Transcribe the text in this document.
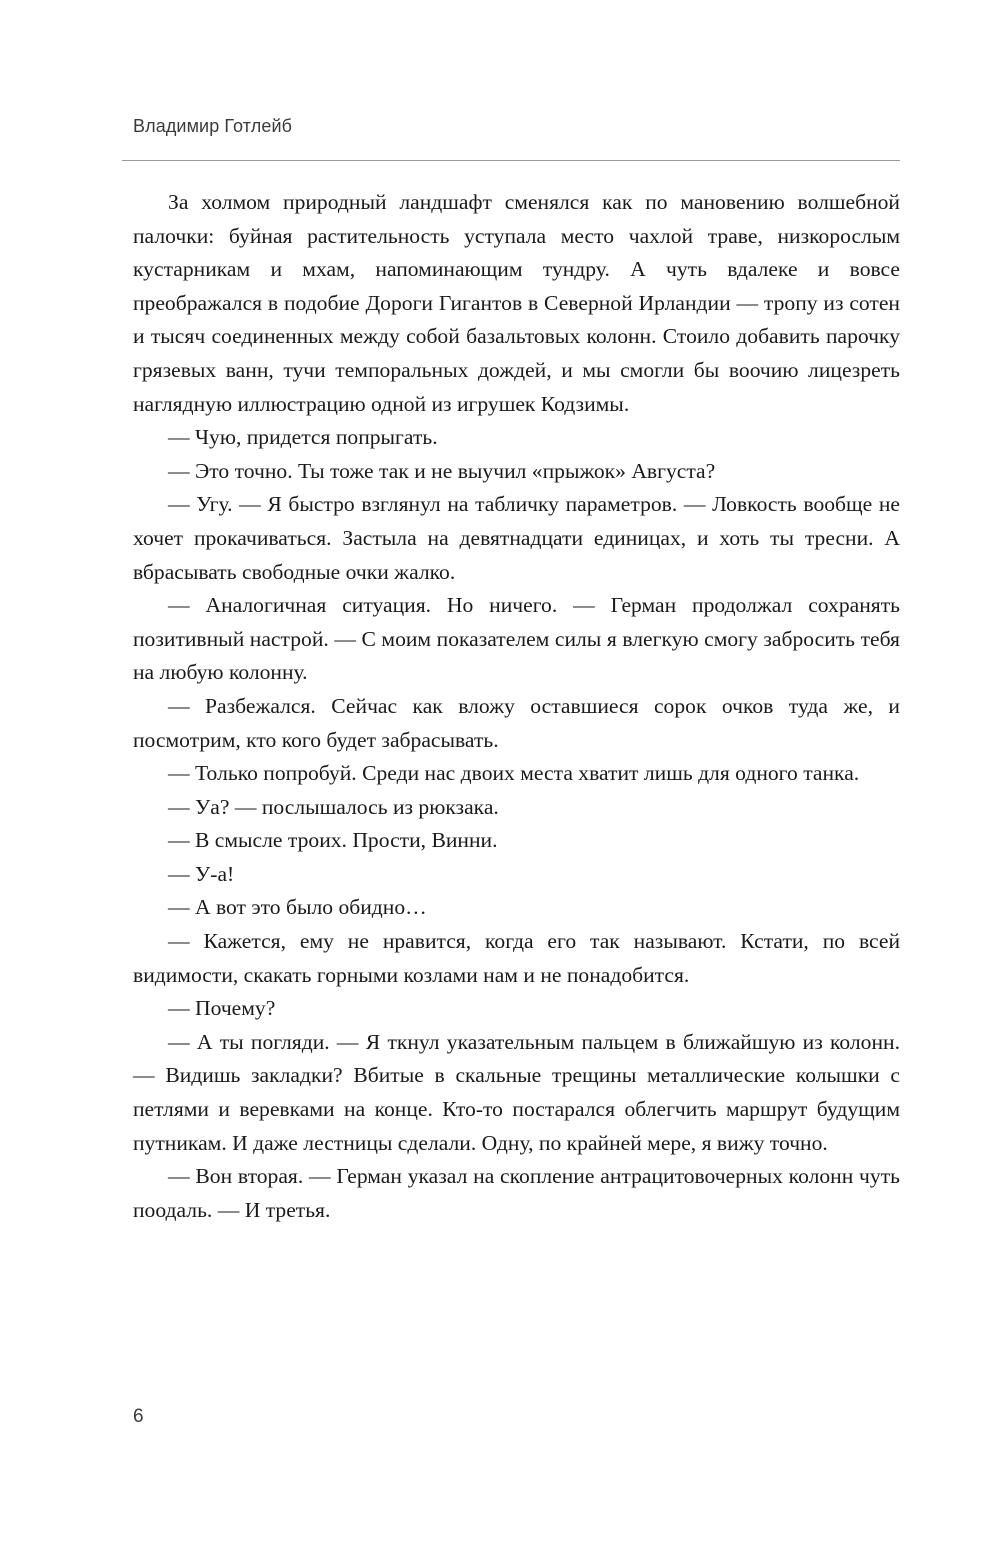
Владимир Готлейб

За холмом природный ландшафт сменялся как по мановению волшебной палочки: буйная растительность уступала место чахлой траве, низкорослым кустарникам и мхам, напоминающим тундру. А чуть вдалеке и вовсе преображался в подобие Дороги Гигантов в Северной Ирландии — тропу из сотен и тысяч соединенных между собой базальтовых колонн. Стоило добавить парочку грязевых ванн, тучи темпоральных дождей, и мы смогли бы воочию лицезреть наглядную иллюстрацию одной из игрушек Кодзимы.

— Чую, придется попрыгать.

— Это точно. Ты тоже так и не выучил «прыжок» Августа?

— Угу. — Я быстро взглянул на табличку параметров. — Ловкость вообще не хочет прокачиваться. Застыла на девятнадцати единицах, и хоть ты тресни. А вбрасывать свободные очки жалко.

— Аналогичная ситуация. Но ничего. — Герман продолжал сохранять позитивный настрой. — С моим показателем силы я влегкую смогу забросить тебя на любую колонну.

— Разбежался. Сейчас как вложу оставшиеся сорок очков туда же, и посмотрим, кто кого будет забрасывать.

— Только попробуй. Среди нас двоих места хватит лишь для одного танка.

— Уа? — послышалось из рюкзака.

— В смысле троих. Прости, Винни.

— У-а!

— А вот это было обидно…

— Кажется, ему не нравится, когда его так называют. Кстати, по всей видимости, скакать горными козлами нам и не понадобится.

— Почему?

— А ты погляди. — Я ткнул указательным пальцем в ближайшую из колонн. — Видишь закладки? Вбитые в скальные трещины металлические колышки с петлями и веревками на конце. Кто-то постарался облегчить маршрут будущим путникам. И даже лестницы сделали. Одну, по крайней мере, я вижу точно.

— Вон вторая. — Герман указал на скопление антрацитовочерных колонн чуть поодаль. — И третья.

6
